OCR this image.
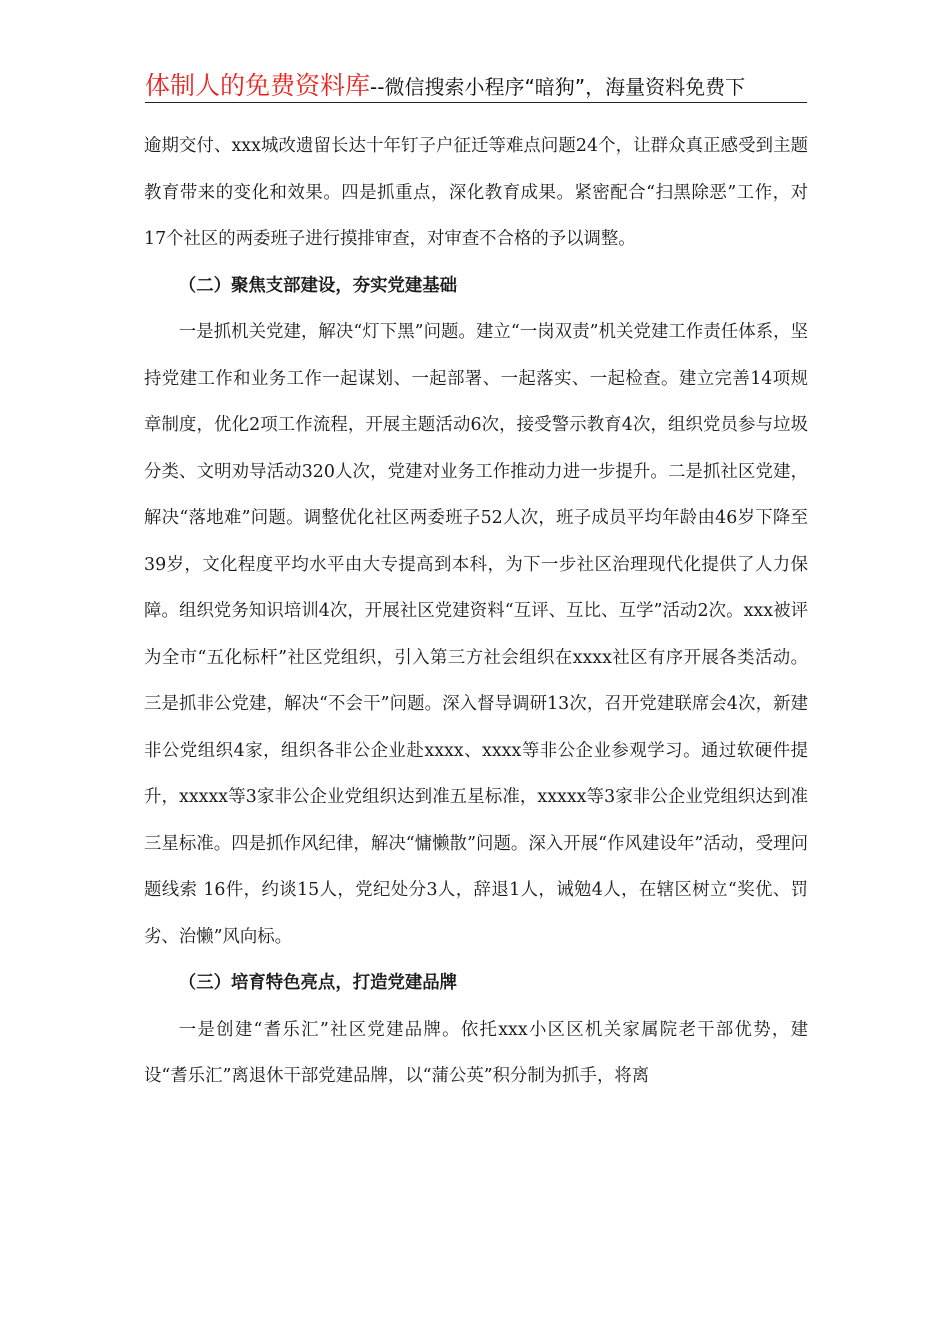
体制人的免费资料库--微信搜索小程序“暗狗”，海量资料免费下

逾期交付、xxx城改遗留长达十年钉子户征迁等难点问题24个，让群众真正感受到主题教育带来的变化和效果。四是抓重点，深化教育成果。紧密配合“扫黑除恶”工作，对17个社区的两委班子进行摸排审查，对审查不合格的予以调整。

（二）聚焦支部建设，夯实党建基础

一是抓机关党建，解决“灯下黑”问题。建立“一岗双责”机关党建工作责任体系，坚持党建工作和业务工作一起谋划、一起部署、一起落实、一起检查。建立完善14项规章制度，优化2项工作流程，开展主题活动6次，接受警示教育4次，组织党员参与垃圾分类、文明劝导活动320人次，党建对业务工作推动力进一步提升。二是抓社区党建，解决“落地难”问题。调整优化社区两委班子52人次，班子成员平均年龄由46岁下降至39岁，文化程度平均水平由大专提高到本科，为下一步社区治理现代化提供了人力保障。组织党务知识培训4次，开展社区党建资料“互评、互比、互学”活动2次。xxx被评为全市“五化标杆”社区党组织，引入第三方社会组织在xxxx社区有序开展各类活动。三是抓非公党建，解决“不会干”问题。深入督导调研13次，召开党建联席会4次，新建非公党组织4家，组织各非公企业赴xxxx、xxxx等非公企业参观学习。通过软硬件提升，xxxxx等3家非公企业党组织达到准五星标准，xxxxx等3家非公企业党组织达到准三星标准。四是抓作风纪律，解决“慵懒散”问题。深入开展“作风建设年”活动，受理问题线索 16件，约谈15人，党纪处分3人，辞退1人，诫勉4人，在辖区树立“奖优、罚劣、治懒”风向标。

（三）培育特色亮点，打造党建品牌

一是创建“耆乐汇”社区党建品牌。依托xxx小区区机关家属院老干部优势，建设“耆乐汇”离退休干部党建品牌，以“蒲公英”积分制为抓手，将离
